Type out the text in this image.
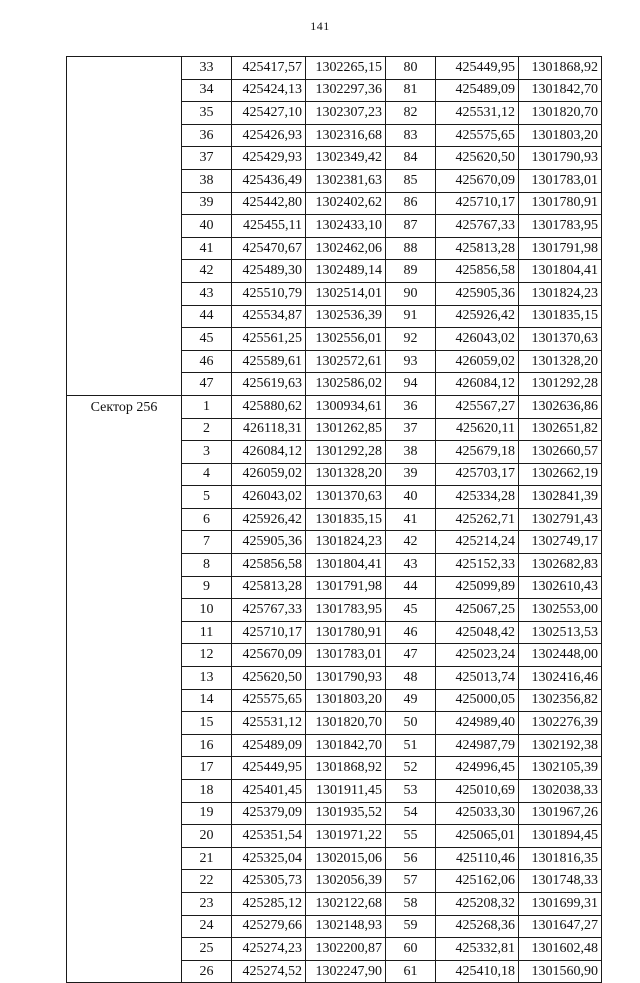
141
	33	425417,57	1302265,15	80	425449,95	1301868,92
	34	425424,13	1302297,36	81	425489,09	1301842,70
	35	425427,10	1302307,23	82	425531,12	1301820,70
	36	425426,93	1302316,68	83	425575,65	1301803,20
	37	425429,93	1302349,42	84	425620,50	1301790,93
	38	425436,49	1302381,63	85	425670,09	1301783,01
	39	425442,80	1302402,62	86	425710,17	1301780,91
	40	425455,11	1302433,10	87	425767,33	1301783,95
	41	425470,67	1302462,06	88	425813,28	1301791,98
	42	425489,30	1302489,14	89	425856,58	1301804,41
	43	425510,79	1302514,01	90	425905,36	1301824,23
	44	425534,87	1302536,39	91	425926,42	1301835,15
	45	425561,25	1302556,01	92	426043,02	1301370,63
	46	425589,61	1302572,61	93	426059,02	1301328,20
	47	425619,63	1302586,02	94	426084,12	1301292,28
Сектор 256	1	425880,62	1300934,61	36	425567,27	1302636,86
	2	426118,31	1301262,85	37	425620,11	1302651,82
	3	426084,12	1301292,28	38	425679,18	1302660,57
	4	426059,02	1301328,20	39	425703,17	1302662,19
	5	426043,02	1301370,63	40	425334,28	1302841,39
	6	425926,42	1301835,15	41	425262,71	1302791,43
	7	425905,36	1301824,23	42	425214,24	1302749,17
	8	425856,58	1301804,41	43	425152,33	1302682,83
	9	425813,28	1301791,98	44	425099,89	1302610,43
	10	425767,33	1301783,95	45	425067,25	1302553,00
	11	425710,17	1301780,91	46	425048,42	1302513,53
	12	425670,09	1301783,01	47	425023,24	1302448,00
	13	425620,50	1301790,93	48	425013,74	1302416,46
	14	425575,65	1301803,20	49	425000,05	1302356,82
	15	425531,12	1301820,70	50	424989,40	1302276,39
	16	425489,09	1301842,70	51	424987,79	1302192,38
	17	425449,95	1301868,92	52	424996,45	1302105,39
	18	425401,45	1301911,45	53	425010,69	1302038,33
	19	425379,09	1301935,52	54	425033,30	1301967,26
	20	425351,54	1301971,22	55	425065,01	1301894,45
	21	425325,04	1302015,06	56	425110,46	1301816,35
	22	425305,73	1302056,39	57	425162,06	1301748,33
	23	425285,12	1302122,68	58	425208,32	1301699,31
	24	425279,66	1302148,93	59	425268,36	1301647,27
	25	425274,23	1302200,87	60	425332,81	1301602,48
	26	425274,52	1302247,90	61	425410,18	1301560,90
